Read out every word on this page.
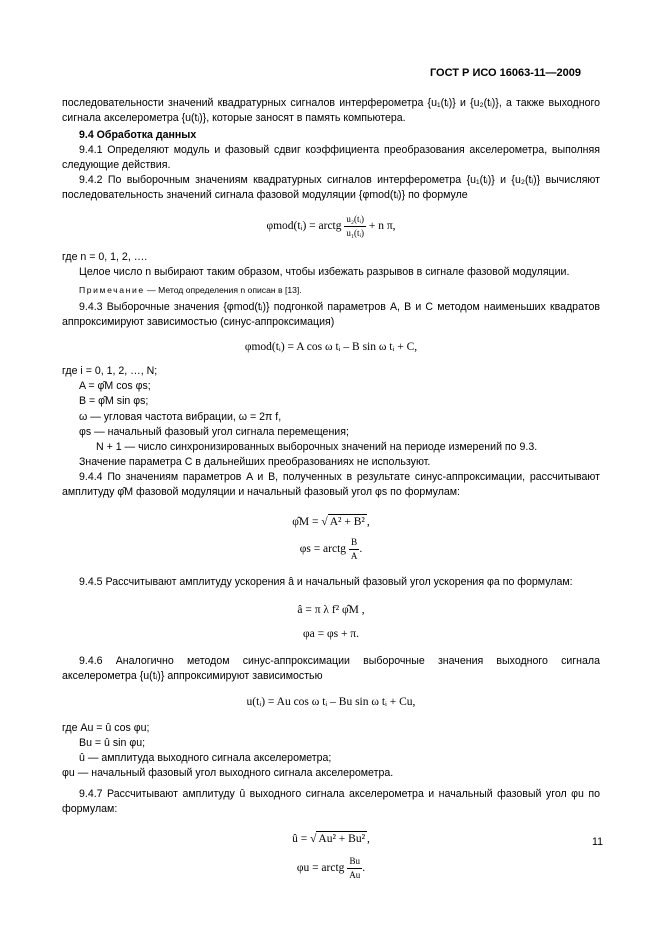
ГОСТ Р ИСО 16063-11—2009

последовательности значений квадратурных сигналов интерферометра {u₁(tᵢ)} и {u₂(tᵢ)}, а также выходного сигнала акселерометра {u(tᵢ)}, которые заносят в память компьютера.

9.4 Обработка данных

9.4.1 Определяют модуль и фазовый сдвиг коэффициента преобразования акселерометра, выполняя следующие действия.

9.4.2 По выборочным значениям квадратурных сигналов интерферометра {u₁(tᵢ)} и {u₂(tᵢ)} вычисляют последовательность значений сигнала фазовой модуляции {φmod(tᵢ)} по формуле

φmod(tᵢ) = arctg $\frac{\text{u₂(tᵢ)}}{\text{u₁(tᵢ)}} + n$ π,

где n = 0, 1, 2, ….

Целое число n выбирают таким образом, чтобы избежать разрывов в сигнале фазовой модуляции.

Примечание — Метод определения n описан в [13].

9.4.3 Выборочные значения {φmod(tᵢ)} подгонкой параметров A, B и C методом наименьших квадратов аппроксимируют зависимостью (синус-аппроксимация)

φmod(tᵢ) = A cos ω tᵢ – B sin ω tᵢ + C,

где i = 0, 1, 2, …, N;

A = φ̂M cos φs;

B = φ̂M sin φs;

ω — угловая частота вибрации, ω = 2π f,

φs — начальный фазовый угол сигнала перемещения;

N + 1 — число синхронизированных выборочных значений на периоде измерений по 9.3.

Значение параметра C в дальнейших преобразованиях не используют.

9.4.4 По значениям параметров A и B, полученных в результате синус-аппроксимации, рассчитывают амплитуду φ̂M фазовой модуляции и начальный фазовый угол φs по формулам:

φ̂M = √ A² + B² ,
φs = arctg $\frac{B}{A}$ .

9.4.5 Рассчитывают амплитуду ускорения â и начальный фазовый угол ускорения φa по формулам:

â = π λ f² φ̂M ,
φa = φs + π.

9.4.6 Аналогично методом синус-аппроксимации выборочные значения выходного сигнала акселерометра {u(tᵢ)} аппроксимируют зависимостью

u(tᵢ) = Au cos ω tᵢ – Bu sin ω tᵢ + Cu,

где Au = û cos φu;

Bu = û sin φu;

û — амплитуда выходного сигнала акселерометра;

φu — начальный фазовый угол выходного сигнала акселерометра.

9.4.7 Рассчитывают амплитуду û выходного сигнала акселерометра и начальный фазовый угол φu по формулам:

û = √ Au² + Bu² ,
φu = arctg $\frac{Bu}{Au}$ .
11
